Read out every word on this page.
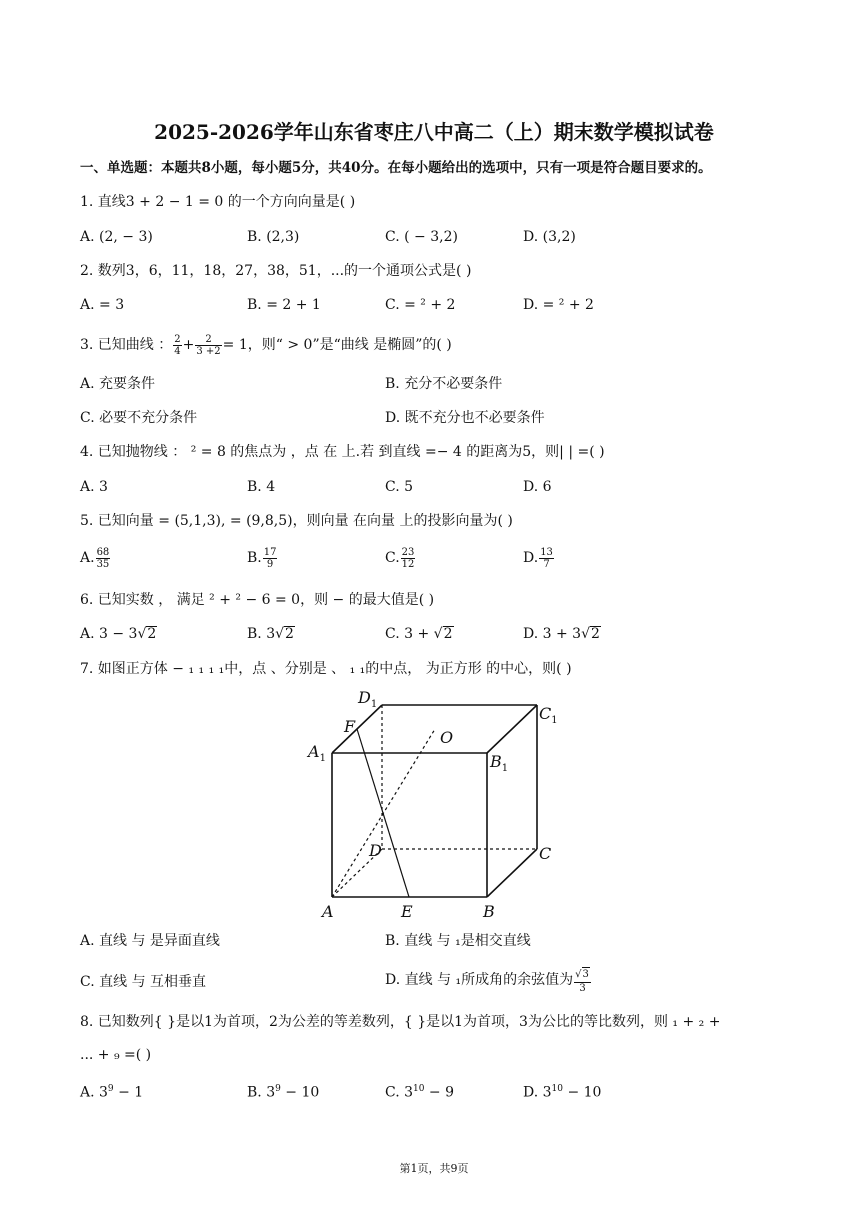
2025-2026学年山东省枣庄八中高二（上）期末数学模拟试卷
一、单选题：本题共8小题，每小题5分，共40分。在每小题给出的选项中，只有一项是符合题目要求的。
1. 直线3 + 2 − 1 = 0 的一个方向向量是( )
A. (2, − 3)	B. (2,3)	C. ( − 3,2)	D. (3,2)
2. 数列3，6，11，18，27，38，51，...的一个通项公式是( )
A. = 3	B. = 2 + 1	C. = ² + 2	D. = ² + 2
3. 已知曲线 ： $\frac{2}{4} + \frac{2}{3 +2} = 1$，则“ > 0”是“曲线 是椭圆”的( )
A. 充要条件	B. 充分不必要条件
C. 必要不充分条件	D. 既不充分也不必要条件
4. 已知抛物线 ： ² = 8 的焦点为 ，点 在 上.若 到直线 =− 4 的距离为5，则| | =( )
A. 3	B. 4	C. 5	D. 6
5. 已知向量 = (5,1,3), = (9,8,5)，则向量 在向量 上的投影向量为( )
A. $\frac{68}{35}$	B. $\frac{17}{9}$	C. $\frac{23}{12}$	D. $\frac{13}{7}$
6. 已知实数 ， 满足 ² + ² − 6 = 0，则 − 的最大值是( )
A. 3 − 3√2	B. 3√2	C. 3 + √2	D. 3 + 3√2
7. 如图正方体 − ₁ ₁ ₁ ₁中，点 、分别是 、 ₁ ₁的中点， 为正方形 的中心，则( )
$D_1$	$C_1$
$A_1$	$B_1$
F
O
D	C
A	E	B
A. 直线 与 是异面直线	B. 直线 与 ₁是相交直线
C. 直线 与 互相垂直	D. 直线 与 ₁所成角的余弦值为 $\frac{√3}{3}$
8. 已知数列{ }是以1为首项，2为公差的等差数列，{ }是以1为首项，3为公比的等比数列，则 ₁ + ₂ +
... + ₉ =( )
A. $3^9 - 1$	B. $3^9 - 10$	C. $3^{10} - 9$	D. $3^{10} - 10$
第1页，共9页
